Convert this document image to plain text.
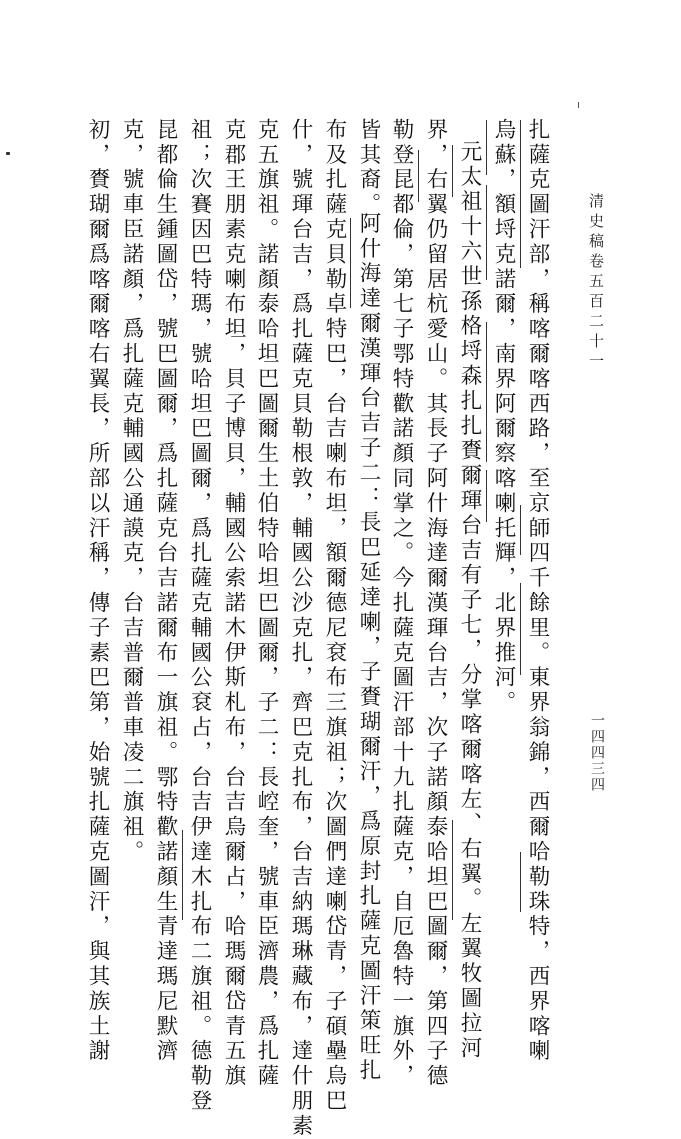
清史稿卷五百二十一
一四四三四
扎薩克圖汗部，稱喀爾喀西路，至京師四千餘里。東界翁錦，西爾哈勒珠特，西界喀喇
烏蘇，額埒克諾爾，南界阿爾察喀喇托輝，北界推河。
元太祖十六世孫格埒森扎扎賚爾琿台吉有子七，分掌喀爾喀左、右翼。左翼牧圖拉河
界，右翼仍留居杭愛山。其長子阿什海達爾漢琿台吉，次子諾顏泰哈坦巴圖爾，第四子德
勒登昆都倫，第七子鄂特歡諾顏同掌之。今扎薩克圖汗部十九扎薩克，自厄魯特一旗外，
皆其裔。
阿什海達爾漢琿台吉子二：長巴延達喇，子賚瑚爾汗，爲原封扎薩克圖汗策旺扎
布及扎薩克貝勒卓特巴，台吉喇布坦，額爾德尼袞布三旗祖；次圖們達喇岱青，子碩壘烏巴
什，號琿台吉，爲扎薩克貝勒根敦，輔國公沙克扎，齊巴克扎布，台吉納瑪琳藏布，達什朋素
克五旗祖。諾顏泰哈坦巴圖爾生土伯特哈坦巴圖爾，子二：長崆奎，號車臣濟農，爲扎薩
克郡王朋素克喇布坦，貝子博貝，輔國公索諾木伊斯札布，台吉烏爾占，哈瑪爾岱青五旗
祖；次賽因巴特瑪，號哈坦巴圖爾，爲扎薩克輔國公袞占，台吉伊達木扎布二旗祖。德勒登
昆都倫生鍾圖岱，號巴圖爾，爲扎薩克台吉諾爾布一旗祖。鄂特歡諾顏生青達瑪尼默濟
克，號車臣諾顏，爲扎薩克輔國公通謨克，台吉普爾普車凌二旗祖。
初，賚瑚爾爲喀爾喀右翼長，所部以汗稱，傳子素巴第，始號扎薩克圖汗，與其族土謝
